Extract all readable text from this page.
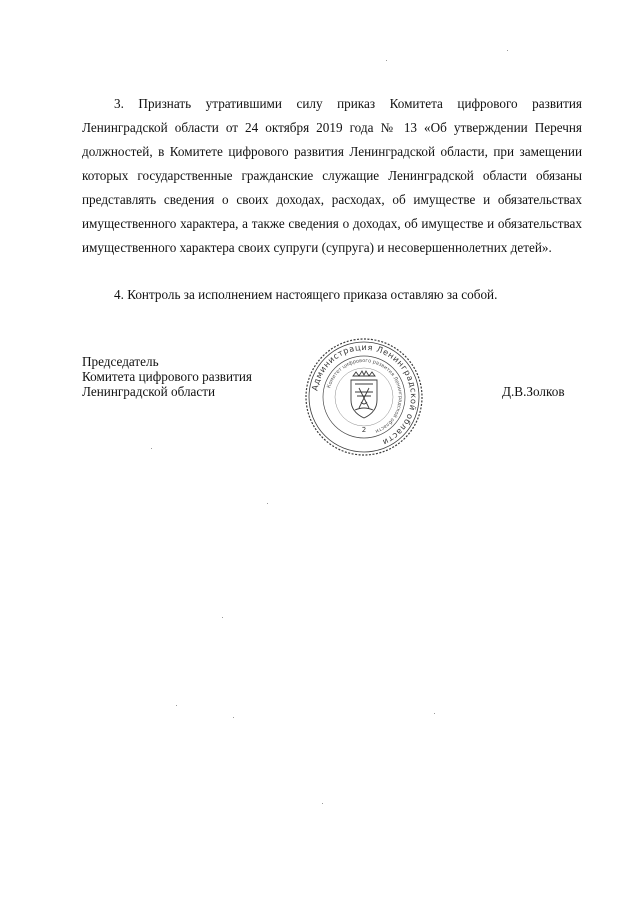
3. Признать утратившими силу приказ Комитета цифрового развития Ленинградской области от 24 октября 2019 года № 13 «Об утверждении Перечня должностей, в Комитете цифрового развития Ленинградской области, при замещении которых государственные гражданские служащие Ленинградской области обязаны представлять сведения о своих доходах, расходах, об имуществе и обязательствах имущественного характера, а также сведения о доходах, об имуществе и обязательствах имущественного характера своих супруги (супруга) и несовершеннолетних детей».

4. Контроль за исполнением настоящего приказа оставляю за собой.

Председатель
Комитета цифрового развития
Ленинградской области	Администрация Ленинградской области
Комитет цифрового развития Ленинградской области
2
Д.В.Золков
